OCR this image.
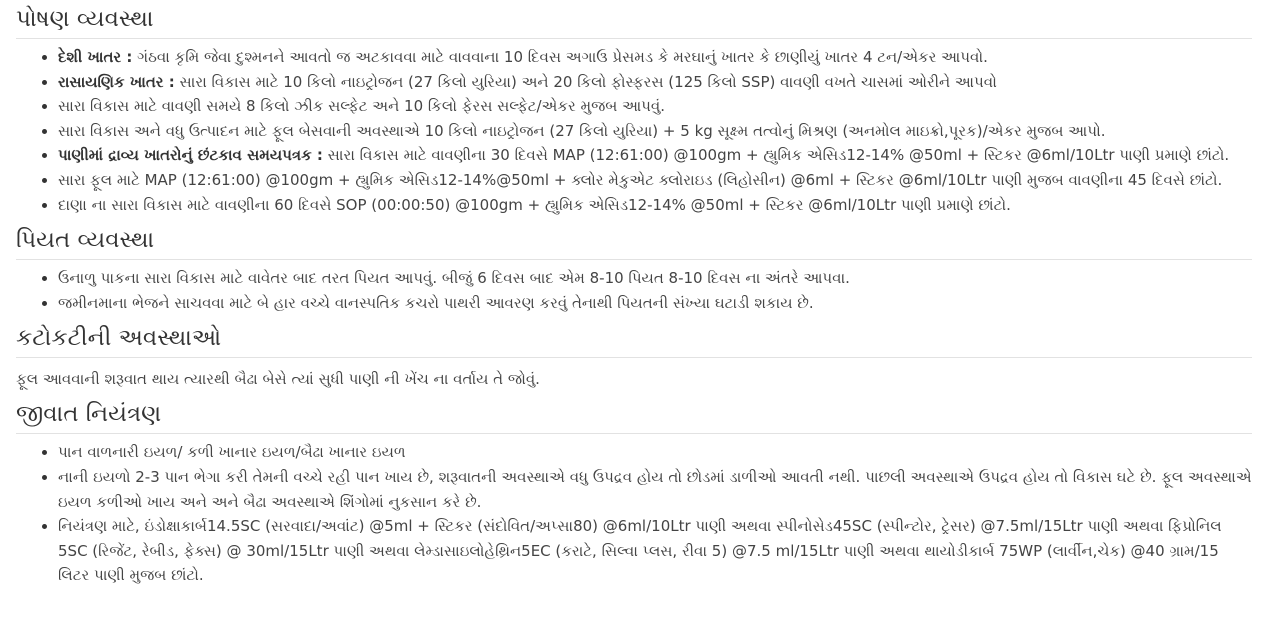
પોષણ વ્યવસ્થા
• દેશી ખાતર : ગંઠવા કૃમિ જેવા દુશ્મનને આવતો જ અટકાવવા માટે વાવવાના 10 દિવસ અગાઉ પ્રેસમડ કે મરઘાનું ખાતર કે છાણીયું ખાતર 4 ટન/એકર આપવો.
• રાસાયણિક ખાતર : સારા વિકાસ માટે 10 કિલો નાઇટ્રોજન (27 કિલો યુરિયા) અને 20 કિલો ફોસ્ફરસ (125 કિલો SSP) વાવણી વખતે ચાસમાં ઓરીને આપવો
• સારા વિકાસ માટે વાવણી સમયે 8 કિલો ઝીક સલ્ફેટ અને 10 કિલો ફેરસ સલ્ફેટ/એકર મુજબ આપવું.
• સારા વિકાસ અને વધુ ઉત્પાદન માટે ફૂલ બેસવાની અવસ્થાએ 10 કિલો નાઇટ્રોજન (27 કિલો યુરિયા) + 5 kg સૂક્ષ્મ તત્વોનું મિશ્રણ (અનમોલ માઇક્રો,પૂરક)/એકર મુજબ આપો.
• પાણીમાં દ્રાવ્ય ખાતરોનું છંટકાવ સમયપત્રક : સારા વિકાસ માટે વાવણીના 30 દિવસે MAP (12:61:00) @100gm + હ્યુમિક એસિડ12-14% @50ml + સ્ટિકર @6ml/10Ltr પાણી પ્રમાણે છાંટો.
• સારા ફૂલ માટે MAP (12:61:00) @100gm + હ્યુમિક એસિડ12-14%@50ml + ક્લોર મેકુએટ ક્લોરાઇડ (લિહોસીન) @6ml + સ્ટિકર @6ml/10Ltr પાણી મુજબ વાવણીના 45 દિવસે છાંટો.
• દાણા ના સારા વિકાસ માટે વાવણીના 60 દિવસે SOP (00:00:50) @100gm + હ્યુમિક એસિડ12-14% @50ml + સ્ટિકર @6ml/10Ltr પાણી પ્રમાણે છાંટો.
પિયત વ્યવસ્થા
• ઉનાળુ પાકના સારા વિકાસ માટે વાવેતર બાદ તરત પિયત આપવું. બીજું 6 દિવસ બાદ એમ 8-10 પિયત 8-10 દિવસ ના અંતરે આપવા.
• જમીનમાના ભેજને સાચવવા માટે બે હાર વચ્ચે વાનસ્પતિક કચરો પાથરી આવરણ કરવું તેનાથી પિયતની સંખ્યા ઘટાડી શકાય છે.
કટોકટીની અવસ્થાઓ

ફૂલ આવવાની શરૂવાત થાય ત્યારથી બૈઢા બેસે ત્યાં સુધી પાણી ની ખેંચ ના વર્તાય તે જોવું.

જીવાત નિયંત્રણ
• પાન વાળનારી ઇયળ/ કળી ખાનાર ઇયળ/બૈઢા ખાનાર ઇયળ
• નાની ઇયળો 2-3 પાન ભેગા કરી તેમની વચ્ચે રહી પાન ખાય છે, શરૂવાતની અવસ્થાએ વધુ ઉપદ્રવ હોય તો છોડમાં ડાળીઓ આવતી નથી. પાછલી અવસ્થાએ ઉપદ્રવ હોય તો વિકાસ ઘટે છે. ફૂલ અવસ્થાએ ઇયળ કળીઓ ખાય અને અને બૈઢા અવસ્થાએ શિંગોમાં નુકસાન કરે છે.
• નિયંત્રણ માટે, ઇંડોક્ષાકાર્બ14.5SC (સરવાદા/અવાંટ) @5ml + સ્ટિકર (સંદોવિત/અપ્સા80) @6ml/10Ltr પાણી અથવા સ્પીનોસેડ45SC (સ્પીન્ટોર, ટ્રેસર) @7.5ml/15Ltr પાણી અથવા ફિપ્રોનિલ 5SC (રિજેંટ, રેબીડ, ફેક્સ) @ 30ml/15Ltr પાણી અથવા લેમ્ડાસાઇલોહેથ્રિન5EC (કરાટે, સિલ્વા પ્લસ, રીવા 5) @7.5 ml/15Ltr પાણી અથવા થાયોડીકાર્બ 75WP (લાર્વીન,ચેક) @40 ગ્રામ/15 લિટર પાણી મુજબ છાંટો.
